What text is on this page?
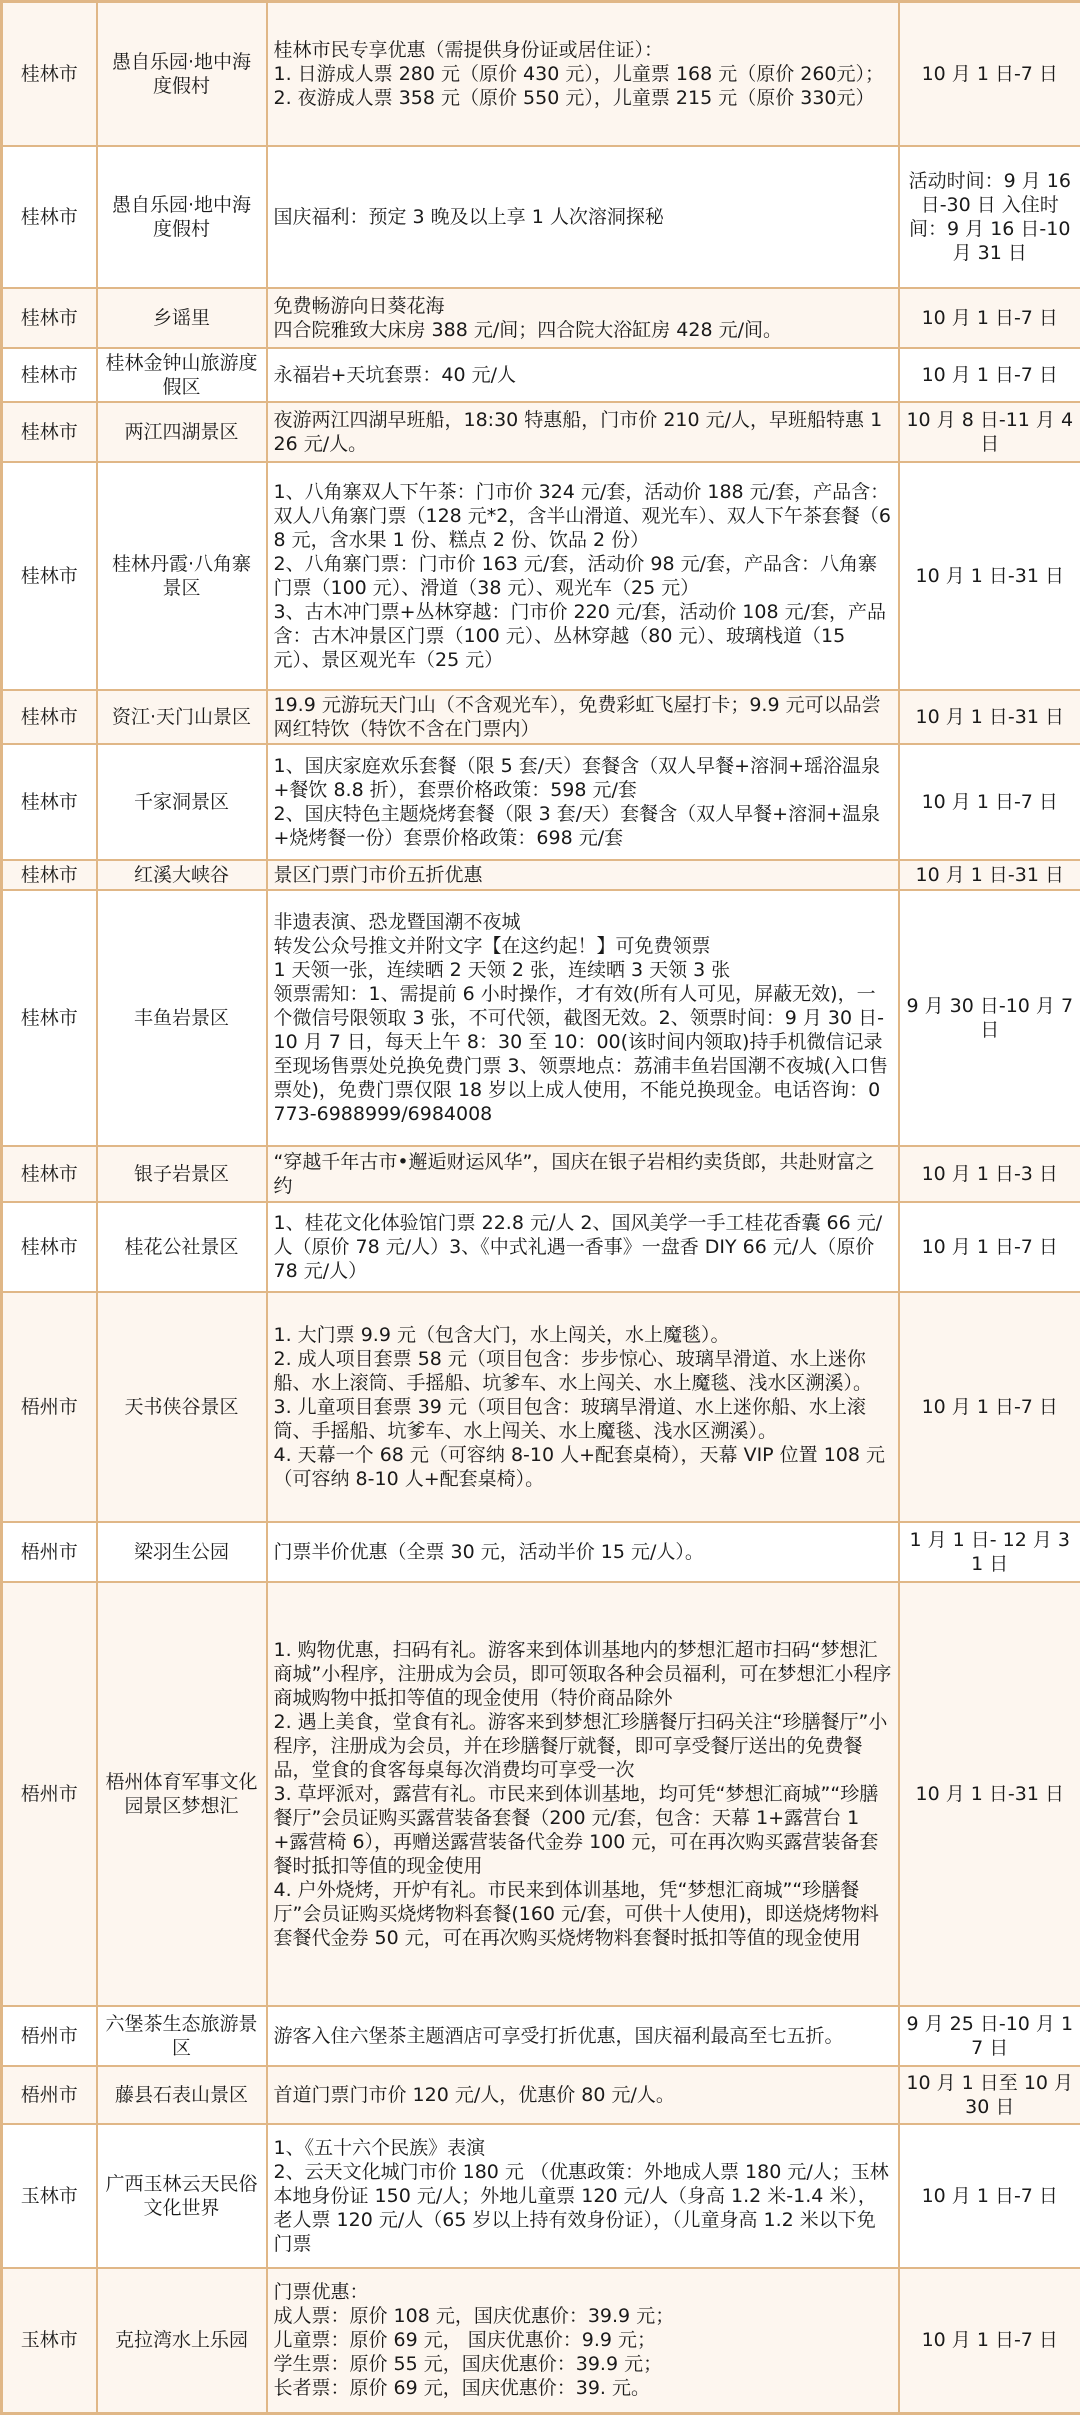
桂林市	愚自乐园·地中海度假村	桂林市民专享优惠（需提供身份证或居住证）：
1. 日游成人票 280 元（原价 430 元），儿童票 168 元（原价 260元）；
2. 夜游成人票 358 元（原价 550 元），儿童票 215 元（原价 330元）	10 月 1 日-7 日
桂林市	愚自乐园·地中海度假村	国庆福利：预定 3 晚及以上享 1 人次溶洞探秘	活动时间：9 月 16 日-30 日 入住时间：9 月 16 日-10 月 31 日
桂林市	乡谣里	免费畅游向日葵花海
四合院雅致大床房 388 元/间；四合院大浴缸房 428 元/间。	10 月 1 日-7 日
桂林市	桂林金钟山旅游度假区	永福岩+天坑套票：40 元/人	10 月 1 日-7 日
桂林市	两江四湖景区	夜游两江四湖早班船，18:30 特惠船，门市价 210 元/人，早班船特惠 126 元/人。	10 月 8 日-11 月 4 日
桂林市	桂林丹霞·八角寨景区	1、八角寨双人下午茶：门市价 324 元/套，活动价 188 元/套，产品含：双人八角寨门票（128 元*2，含半山滑道、观光车）、双人下午茶套餐（68 元，含水果 1 份、糕点 2 份、饮品 2 份）
2、八角寨门票：门市价 163 元/套，活动价 98 元/套，产品含：八角寨门票（100 元）、滑道（38 元）、观光车（25 元）
3、古木冲门票+丛林穿越：门市价 220 元/套，活动价 108 元/套，产品含：古木冲景区门票（100 元）、丛林穿越（80 元）、玻璃栈道（15 元）、景区观光车（25 元）	10 月 1 日-31 日
桂林市	资江·天门山景区	19.9 元游玩天门山（不含观光车），免费彩虹飞屋打卡；9.9 元可以品尝网红特饮（特饮不含在门票内）	10 月 1 日-31 日
桂林市	千家洞景区	1、国庆家庭欢乐套餐（限 5 套/天）套餐含（双人早餐+溶洞+瑶浴温泉+餐饮 8.8 折），套票价格政策：598 元/套
2、国庆特色主题烧烤套餐（限 3 套/天）套餐含（双人早餐+溶洞+温泉+烧烤餐一份）套票价格政策：698 元/套	10 月 1 日-7 日
桂林市	红溪大峡谷	景区门票门市价五折优惠	10 月 1 日-31 日
桂林市	丰鱼岩景区	非遗表演、恐龙暨国潮不夜城
转发公众号推文并附文字【在这约起！】可免费领票
1 天领一张，连续晒 2 天领 2 张，连续晒 3 天领 3 张
领票需知：1、需提前 6 小时操作，才有效(所有人可见，屏蔽无效)，一个微信号限领取 3 张，不可代领，截图无效。2、领票时间：9 月 30 日-10 月 7 日，每天上午 8：30 至 10：00(该时间内领取)持手机微信记录至现场售票处兑换免费门票 3、领票地点：荔浦丰鱼岩国潮不夜城(入口售票处)，免费门票仅限 18 岁以上成人使用，不能兑换现金。电话咨询：0773-6988999/6984008	9 月 30 日-10 月 7 日
桂林市	银子岩景区	“穿越千年古市•邂逅财运风华”，国庆在银子岩相约卖货郎，共赴财富之约	10 月 1 日-3 日
桂林市	桂花公社景区	1、桂花文化体验馆门票 22.8 元/人 2、国风美学一手工桂花香囊 66 元/人（原价 78 元/人）3、《中式礼遇一香事》一盘香 DIY 66 元/人（原价 78 元/人）	10 月 1 日-7 日
梧州市	天书侠谷景区	1. 大门票 9.9 元（包含大门，水上闯关，水上魔毯）。
2. 成人项目套票 58 元（项目包含：步步惊心、玻璃旱滑道、水上迷你船、水上滚筒、手摇船、坑爹车、水上闯关、水上魔毯、浅水区溯溪）。
3. 儿童项目套票 39 元（项目包含：玻璃旱滑道、水上迷你船、水上滚筒、手摇船、坑爹车、水上闯关、水上魔毯、浅水区溯溪）。
4. 天幕一个 68 元（可容纳 8-10 人+配套桌椅），天幕 VIP 位置 108 元（可容纳 8-10 人+配套桌椅）。	10 月 1 日-7 日
梧州市	梁羽生公园	门票半价优惠（全票 30 元，活动半价 15 元/人）。	1 月 1 日- 12 月 31 日
梧州市	梧州体育军事文化园景区梦想汇	1. 购物优惠，扫码有礼。游客来到体训基地内的梦想汇超市扫码“梦想汇商城”小程序，注册成为会员，即可领取各种会员福利，可在梦想汇小程序商城购物中抵扣等值的现金使用（特价商品除外
2. 遇上美食，堂食有礼。游客来到梦想汇珍膳餐厅扫码关注“珍膳餐厅”小程序，注册成为会员，并在珍膳餐厅就餐，即可享受餐厅送出的免费餐品，堂食的食客每桌每次消费均可享受一次
3. 草坪派对，露营有礼。市民来到体训基地，均可凭“梦想汇商城”“珍膳餐厅”会员证购买露营装备套餐（200 元/套，包含：天幕 1+露营台 1+露营椅 6），再赠送露营装备代金券 100 元，可在再次购买露营装备套餐时抵扣等值的现金使用
4. 户外烧烤，开炉有礼。市民来到体训基地，凭“梦想汇商城”“珍膳餐厅”会员证购买烧烤物料套餐(160 元/套，可供十人使用)，即送烧烤物料套餐代金券 50 元，可在再次购买烧烤物料套餐时抵扣等值的现金使用	10 月 1 日-31 日
梧州市	六堡茶生态旅游景区	游客入住六堡茶主题酒店可享受打折优惠，国庆福利最高至七五折。	9 月 25 日-10 月 17 日
梧州市	藤县石表山景区	首道门票门市价 120 元/人，优惠价 80 元/人。	10 月 1 日至 10 月 30 日
玉林市	广西玉林云天民俗文化世界	1、《五十六个民族》表演
2、云天文化城门市价 180 元 （优惠政策：外地成人票 180 元/人；玉林本地身份证 150 元/人；外地儿童票 120 元/人（身高 1.2 米-1.4 米），老人票 120 元/人（65 岁以上持有效身份证），（儿童身高 1.2 米以下免门票	10 月 1 日-7 日
玉林市	克拉湾水上乐园	门票优惠：
成人票：原价 108 元，国庆优惠价：39.9 元；
儿童票：原价 69 元， 国庆优惠价：9.9 元；
学生票：原价 55 元，国庆优惠价：39.9 元；
长者票：原价 69 元，国庆优惠价：39. 元。	10 月 1 日-7 日
